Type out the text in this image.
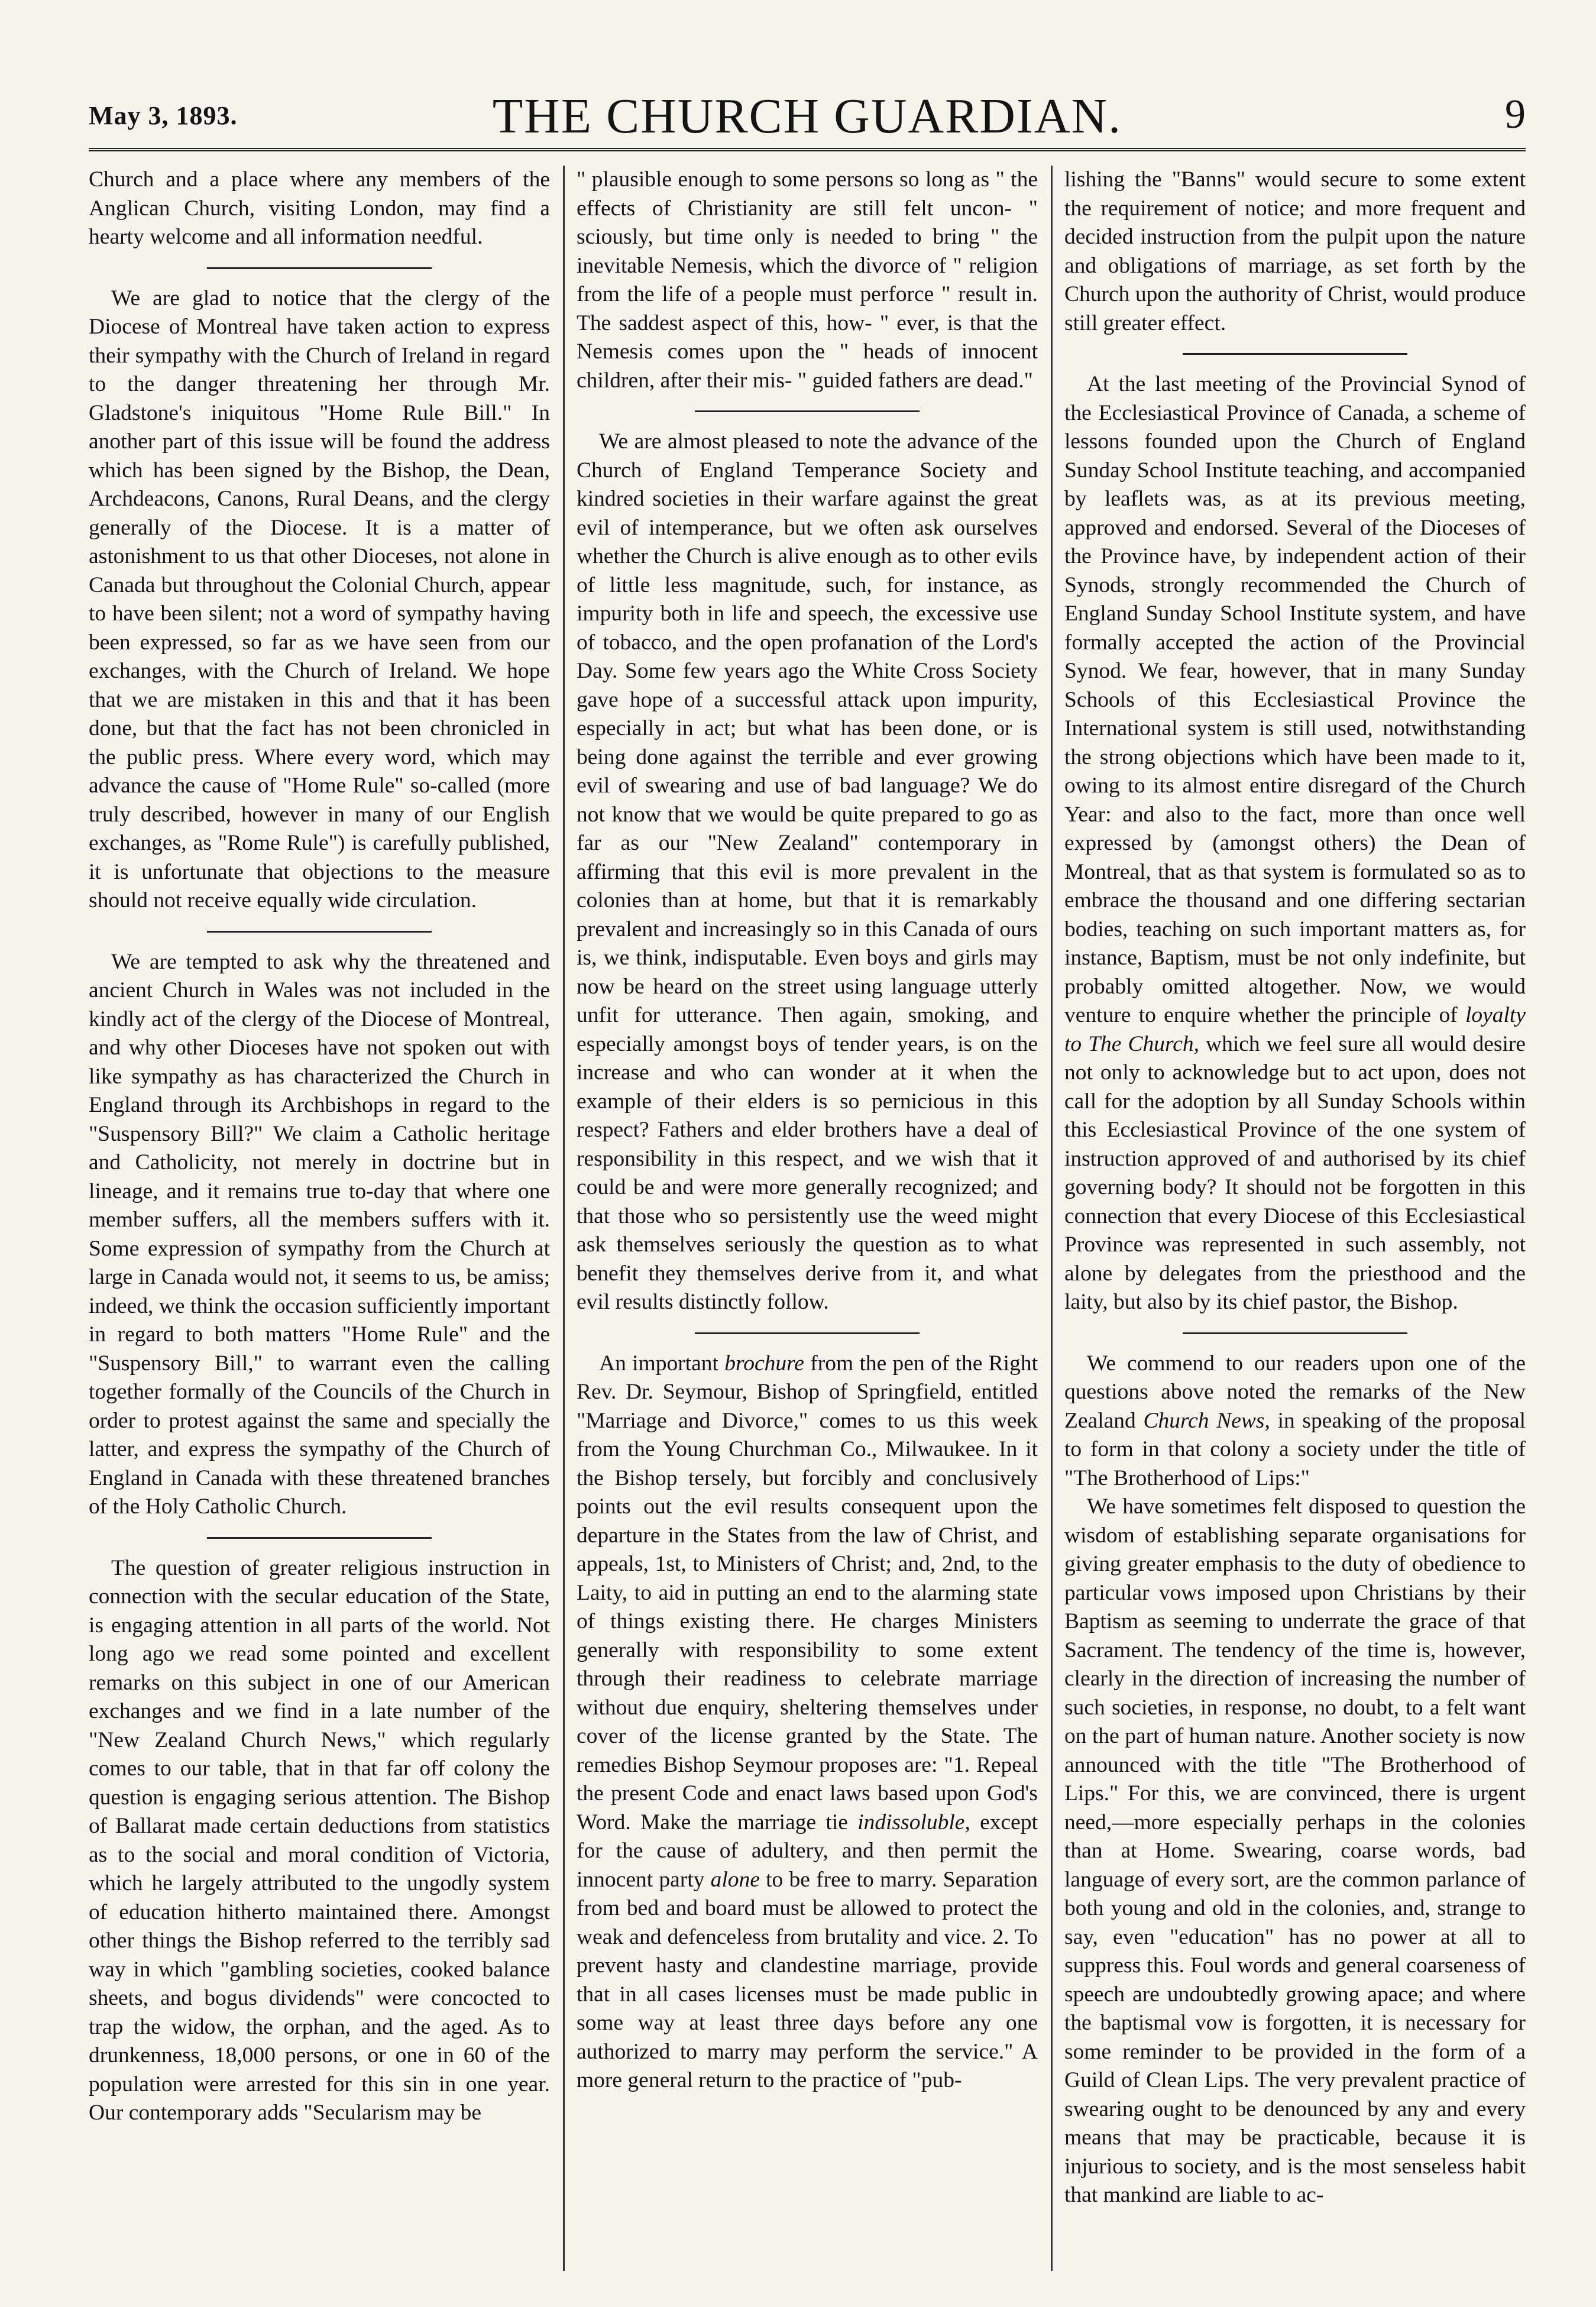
May 3, 1893.	THE CHURCH GUARDIAN.	9

Church and a place where any members of the Anglican Church, visiting London, may find a hearty welcome and all information needful.

We are glad to notice that the clergy of the Diocese of Montreal have taken action to express their sympathy with the Church of Ireland in regard to the danger threatening her through Mr. Gladstone's iniquitous "Home Rule Bill." In another part of this issue will be found the address which has been signed by the Bishop, the Dean, Archdeacons, Canons, Rural Deans, and the clergy generally of the Diocese. It is a matter of astonishment to us that other Dioceses, not alone in Canada but throughout the Colonial Church, appear to have been silent; not a word of sympathy having been expressed, so far as we have seen from our exchanges, with the Church of Ireland. We hope that we are mistaken in this and that it has been done, but that the fact has not been chronicled in the public press. Where every word, which may advance the cause of "Home Rule" so-called (more truly described, however in many of our English exchanges, as "Rome Rule") is carefully published, it is unfortunate that objections to the measure should not receive equally wide circulation.

We are tempted to ask why the threatened and ancient Church in Wales was not included in the kindly act of the clergy of the Diocese of Montreal, and why other Dioceses have not spoken out with like sympathy as has characterized the Church in England through its Archbishops in regard to the "Suspensory Bill?" We claim a Catholic heritage and Catholicity, not merely in doctrine but in lineage, and it remains true to-day that where one member suffers, all the members suffers with it. Some expression of sympathy from the Church at large in Canada would not, it seems to us, be amiss; indeed, we think the occasion sufficiently important in regard to both matters "Home Rule" and the "Suspensory Bill," to warrant even the calling together formally of the Councils of the Church in order to protest against the same and specially the latter, and express the sympathy of the Church of England in Canada with these threatened branches of the Holy Catholic Church.

The question of greater religious instruction in connection with the secular education of the State, is engaging attention in all parts of the world. Not long ago we read some pointed and excellent remarks on this subject in one of our American exchanges and we find in a late number of the "New Zealand Church News," which regularly comes to our table, that in that far off colony the question is engaging serious attention. The Bishop of Ballarat made certain deductions from statistics as to the social and moral condition of Victoria, which he largely attributed to the ungodly system of education hitherto maintained there. Amongst other things the Bishop referred to the terribly sad way in which "gambling societies, cooked balance sheets, and bogus dividends" were concocted to trap the widow, the orphan, and the aged. As to drunkenness, 18,000 persons, or one in 60 of the population were arrested for this sin in one year. Our contemporary adds "Secularism may be

" plausible enough to some persons so long as " the effects of Christianity are still felt uncon- " sciously, but time only is needed to bring " the inevitable Nemesis, which the divorce of " religion from the life of a people must perforce " result in. The saddest aspect of this, how- " ever, is that the Nemesis comes upon the " heads of innocent children, after their mis- " guided fathers are dead."

We are almost pleased to note the advance of the Church of England Temperance Society and kindred societies in their warfare against the great evil of intemperance, but we often ask ourselves whether the Church is alive enough as to other evils of little less magnitude, such, for instance, as impurity both in life and speech, the excessive use of tobacco, and the open profanation of the Lord's Day. Some few years ago the White Cross Society gave hope of a successful attack upon impurity, especially in act; but what has been done, or is being done against the terrible and ever growing evil of swearing and use of bad language? We do not know that we would be quite prepared to go as far as our "New Zealand" contemporary in affirming that this evil is more prevalent in the colonies than at home, but that it is remarkably prevalent and increasingly so in this Canada of ours is, we think, indisputable. Even boys and girls may now be heard on the street using language utterly unfit for utterance. Then again, smoking, and especially amongst boys of tender years, is on the increase and who can wonder at it when the example of their elders is so pernicious in this respect? Fathers and elder brothers have a deal of responsibility in this respect, and we wish that it could be and were more generally recognized; and that those who so persistently use the weed might ask themselves seriously the question as to what benefit they themselves derive from it, and what evil results distinctly follow.

An important brochure from the pen of the Right Rev. Dr. Seymour, Bishop of Springfield, entitled "Marriage and Divorce," comes to us this week from the Young Churchman Co., Milwaukee. In it the Bishop tersely, but forcibly and conclusively points out the evil results consequent upon the departure in the States from the law of Christ, and appeals, 1st, to Ministers of Christ; and, 2nd, to the Laity, to aid in putting an end to the alarming state of things existing there. He charges Ministers generally with responsibility to some extent through their readiness to celebrate marriage without due enquiry, sheltering themselves under cover of the license granted by the State. The remedies Bishop Seymour proposes are: "1. Repeal the present Code and enact laws based upon God's Word. Make the marriage tie indissoluble, except for the cause of adultery, and then permit the innocent party alone to be free to marry. Separation from bed and board must be allowed to protect the weak and defenceless from brutality and vice. 2. To prevent hasty and clandestine marriage, provide that in all cases licenses must be made public in some way at least three days before any one authorized to marry may perform the service." A more general return to the practice of "pub-

lishing the "Banns" would secure to some extent the requirement of notice; and more frequent and decided instruction from the pulpit upon the nature and obligations of marriage, as set forth by the Church upon the authority of Christ, would produce still greater effect.

At the last meeting of the Provincial Synod of the Ecclesiastical Province of Canada, a scheme of lessons founded upon the Church of England Sunday School Institute teaching, and accompanied by leaflets was, as at its previous meeting, approved and endorsed. Several of the Dioceses of the Province have, by independent action of their Synods, strongly recommended the Church of England Sunday School Institute system, and have formally accepted the action of the Provincial Synod. We fear, however, that in many Sunday Schools of this Ecclesiastical Province the International system is still used, notwithstanding the strong objections which have been made to it, owing to its almost entire disregard of the Church Year: and also to the fact, more than once well expressed by (amongst others) the Dean of Montreal, that as that system is formulated so as to embrace the thousand and one differing sectarian bodies, teaching on such important matters as, for instance, Baptism, must be not only indefinite, but probably omitted altogether. Now, we would venture to enquire whether the principle of loyalty to The Church, which we feel sure all would desire not only to acknowledge but to act upon, does not call for the adoption by all Sunday Schools within this Ecclesiastical Province of the one system of instruction approved of and authorised by its chief governing body? It should not be forgotten in this connection that every Diocese of this Ecclesiastical Province was represented in such assembly, not alone by delegates from the priesthood and the laity, but also by its chief pastor, the Bishop.

We commend to our readers upon one of the questions above noted the remarks of the New Zealand Church News, in speaking of the proposal to form in that colony a society under the title of "The Brotherhood of Lips:"

We have sometimes felt disposed to question the wisdom of establishing separate organisations for giving greater emphasis to the duty of obedience to particular vows imposed upon Christians by their Baptism as seeming to underrate the grace of that Sacrament. The tendency of the time is, however, clearly in the direction of increasing the number of such societies, in response, no doubt, to a felt want on the part of human nature. Another society is now announced with the title "The Brotherhood of Lips." For this, we are convinced, there is urgent need,—more especially perhaps in the colonies than at Home. Swearing, coarse words, bad language of every sort, are the common parlance of both young and old in the colonies, and, strange to say, even "education" has no power at all to suppress this. Foul words and general coarseness of speech are undoubtedly growing apace; and where the baptismal vow is forgotten, it is necessary for some reminder to be provided in the form of a Guild of Clean Lips. The very prevalent practice of swearing ought to be denounced by any and every means that may be practicable, because it is injurious to society, and is the most senseless habit that mankind are liable to ac-
